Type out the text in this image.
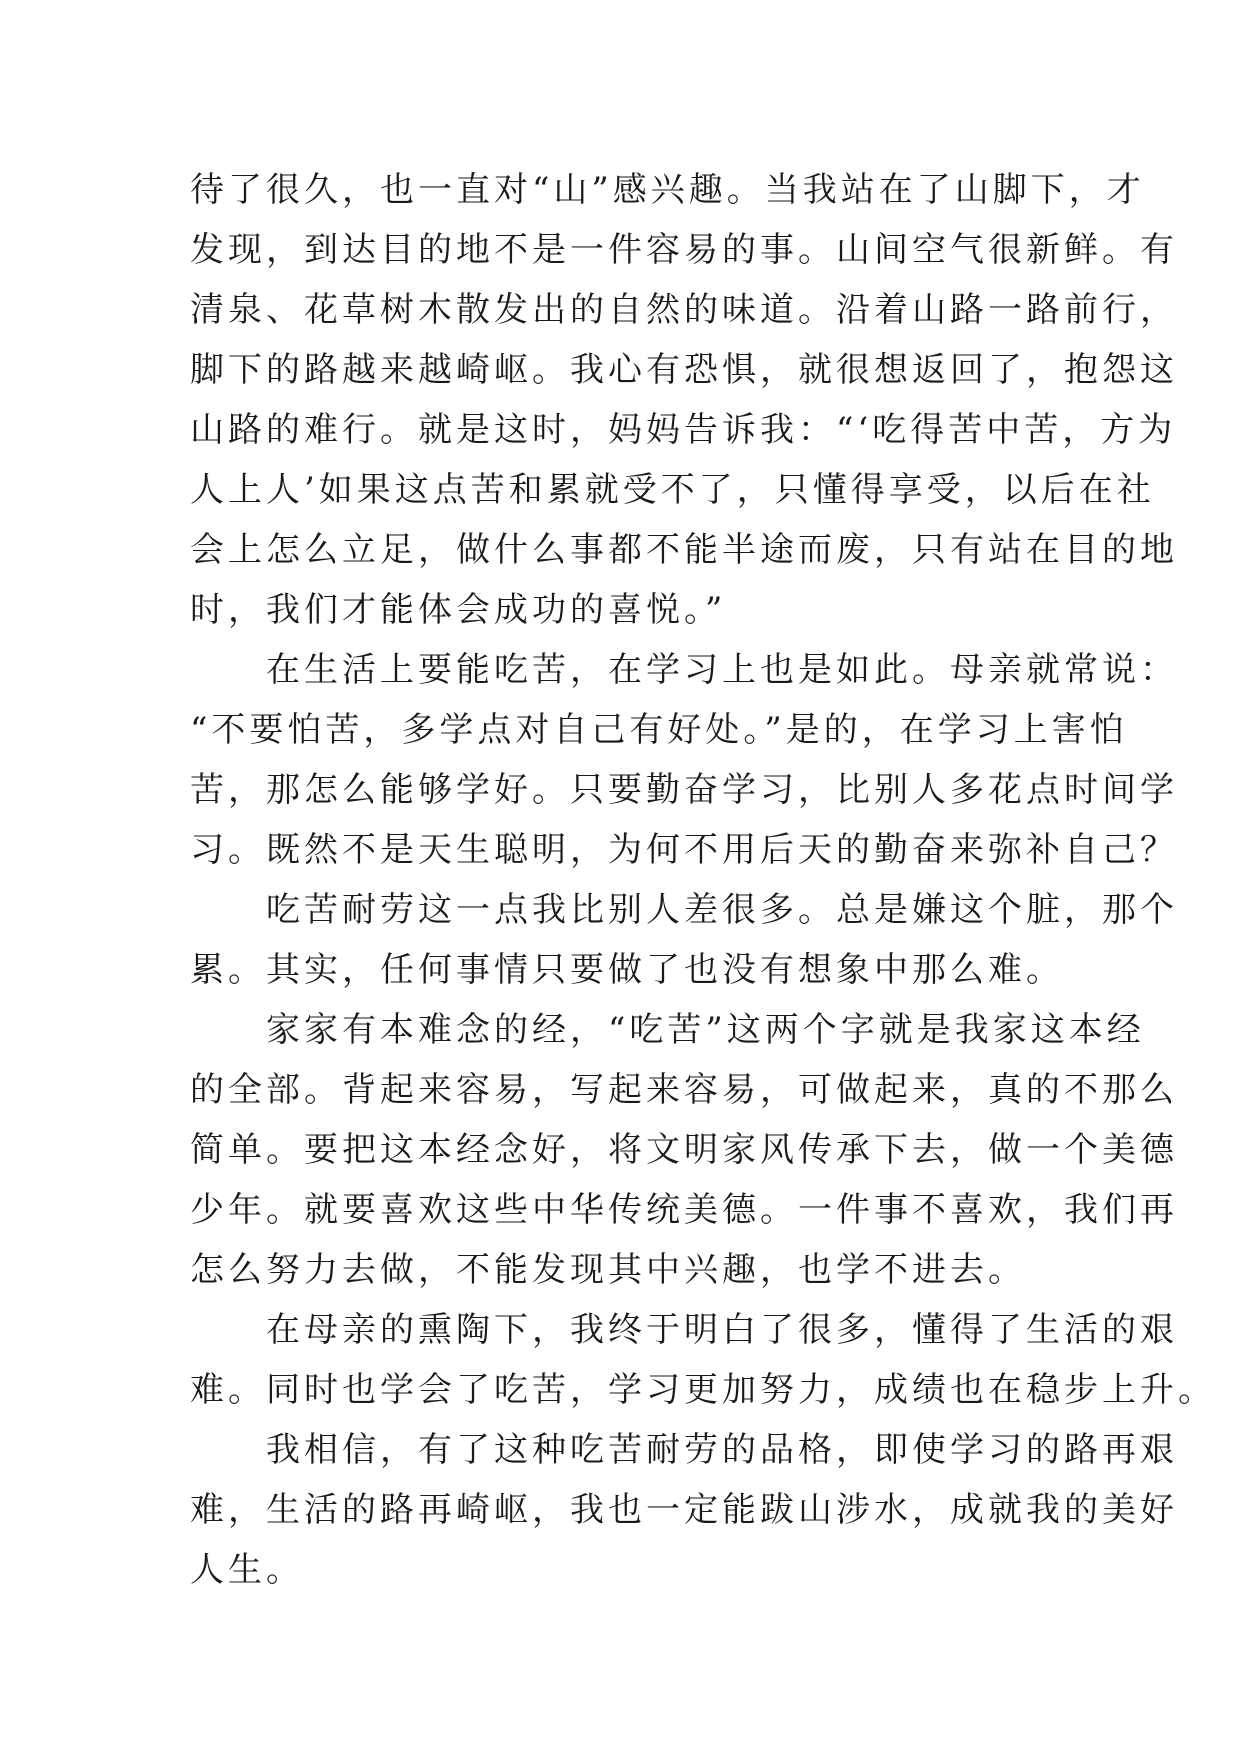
待了很久，也一直对“山”感兴趣。当我站在了山脚下，才
发现，到达目的地不是一件容易的事。山间空气很新鲜。有
清泉、花草树木散发出的自然的味道。沿着山路一路前行，
脚下的路越来越崎岖。我心有恐惧，就很想返回了，抱怨这
山路的难行。就是这时，妈妈告诉我：“‘吃得苦中苦，方为
人上人’如果这点苦和累就受不了，只懂得享受，以后在社
会上怎么立足，做什么事都不能半途而废，只有站在目的地
时，我们才能体会成功的喜悦。”
　　在生活上要能吃苦，在学习上也是如此。母亲就常说：
“不要怕苦，多学点对自己有好处。”是的，在学习上害怕
苦，那怎么能够学好。只要勤奋学习，比别人多花点时间学
习。既然不是天生聪明，为何不用后天的勤奋来弥补自己？
　　吃苦耐劳这一点我比别人差很多。总是嫌这个脏，那个
累。其实，任何事情只要做了也没有想象中那么难。
　　家家有本难念的经，“吃苦”这两个字就是我家这本经
的全部。背起来容易，写起来容易，可做起来，真的不那么
简单。要把这本经念好，将文明家风传承下去，做一个美德
少年。就要喜欢这些中华传统美德。一件事不喜欢，我们再
怎么努力去做，不能发现其中兴趣，也学不进去。
　　在母亲的熏陶下，我终于明白了很多，懂得了生活的艰
难。同时也学会了吃苦，学习更加努力，成绩也在稳步上升。
　　我相信，有了这种吃苦耐劳的品格，即使学习的路再艰
难，生活的路再崎岖，我也一定能跋山涉水，成就我的美好
人生。
